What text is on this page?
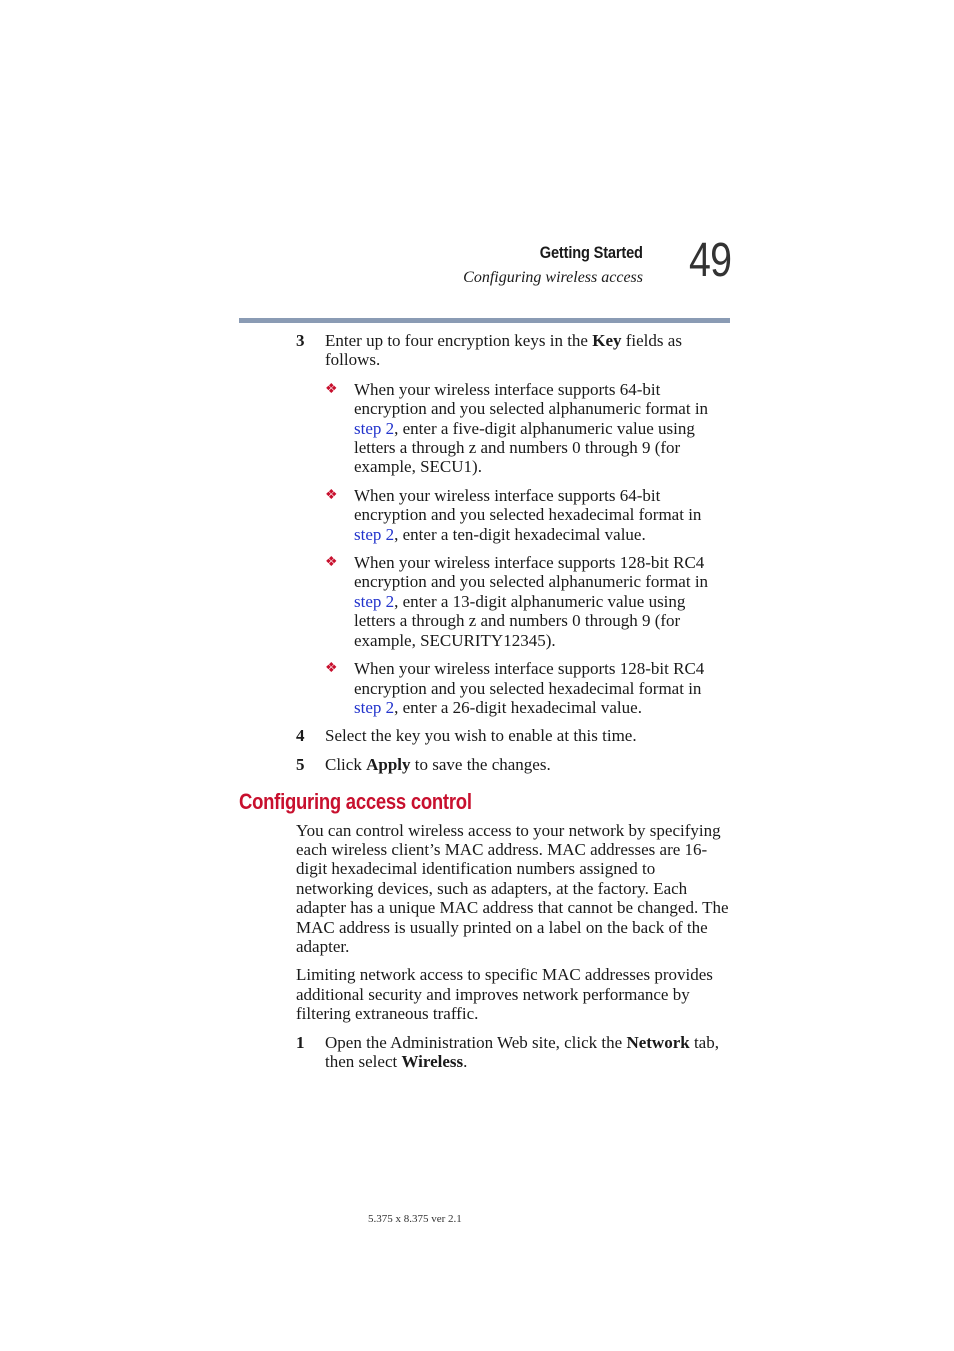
Getting Started
Configuring wireless access 49
3 Enter up to four encryption keys in the Key fields as follows.
❖ When your wireless interface supports 64-bit encryption and you selected alphanumeric format in step 2, enter a five-digit alphanumeric value using letters a through z and numbers 0 through 9 (for example, SECU1).
❖ When your wireless interface supports 64-bit encryption and you selected hexadecimal format in step 2, enter a ten-digit hexadecimal value.
❖ When your wireless interface supports 128-bit RC4 encryption and you selected alphanumeric format in step 2, enter a 13-digit alphanumeric value using letters a through z and numbers 0 through 9 (for example, SECURITY12345).
❖ When your wireless interface supports 128-bit RC4 encryption and you selected hexadecimal format in step 2, enter a 26-digit hexadecimal value.
4 Select the key you wish to enable at this time.
5 Click Apply to save the changes.
Configuring access control
You can control wireless access to your network by specifying each wireless client’s MAC address. MAC addresses are 16-digit hexadecimal identification numbers assigned to networking devices, such as adapters, at the factory. Each adapter has a unique MAC address that cannot be changed. The MAC address is usually printed on a label on the back of the adapter.
Limiting network access to specific MAC addresses provides additional security and improves network performance by filtering extraneous traffic.
1 Open the Administration Web site, click the Network tab, then select Wireless.
5.375 x 8.375 ver 2.1
